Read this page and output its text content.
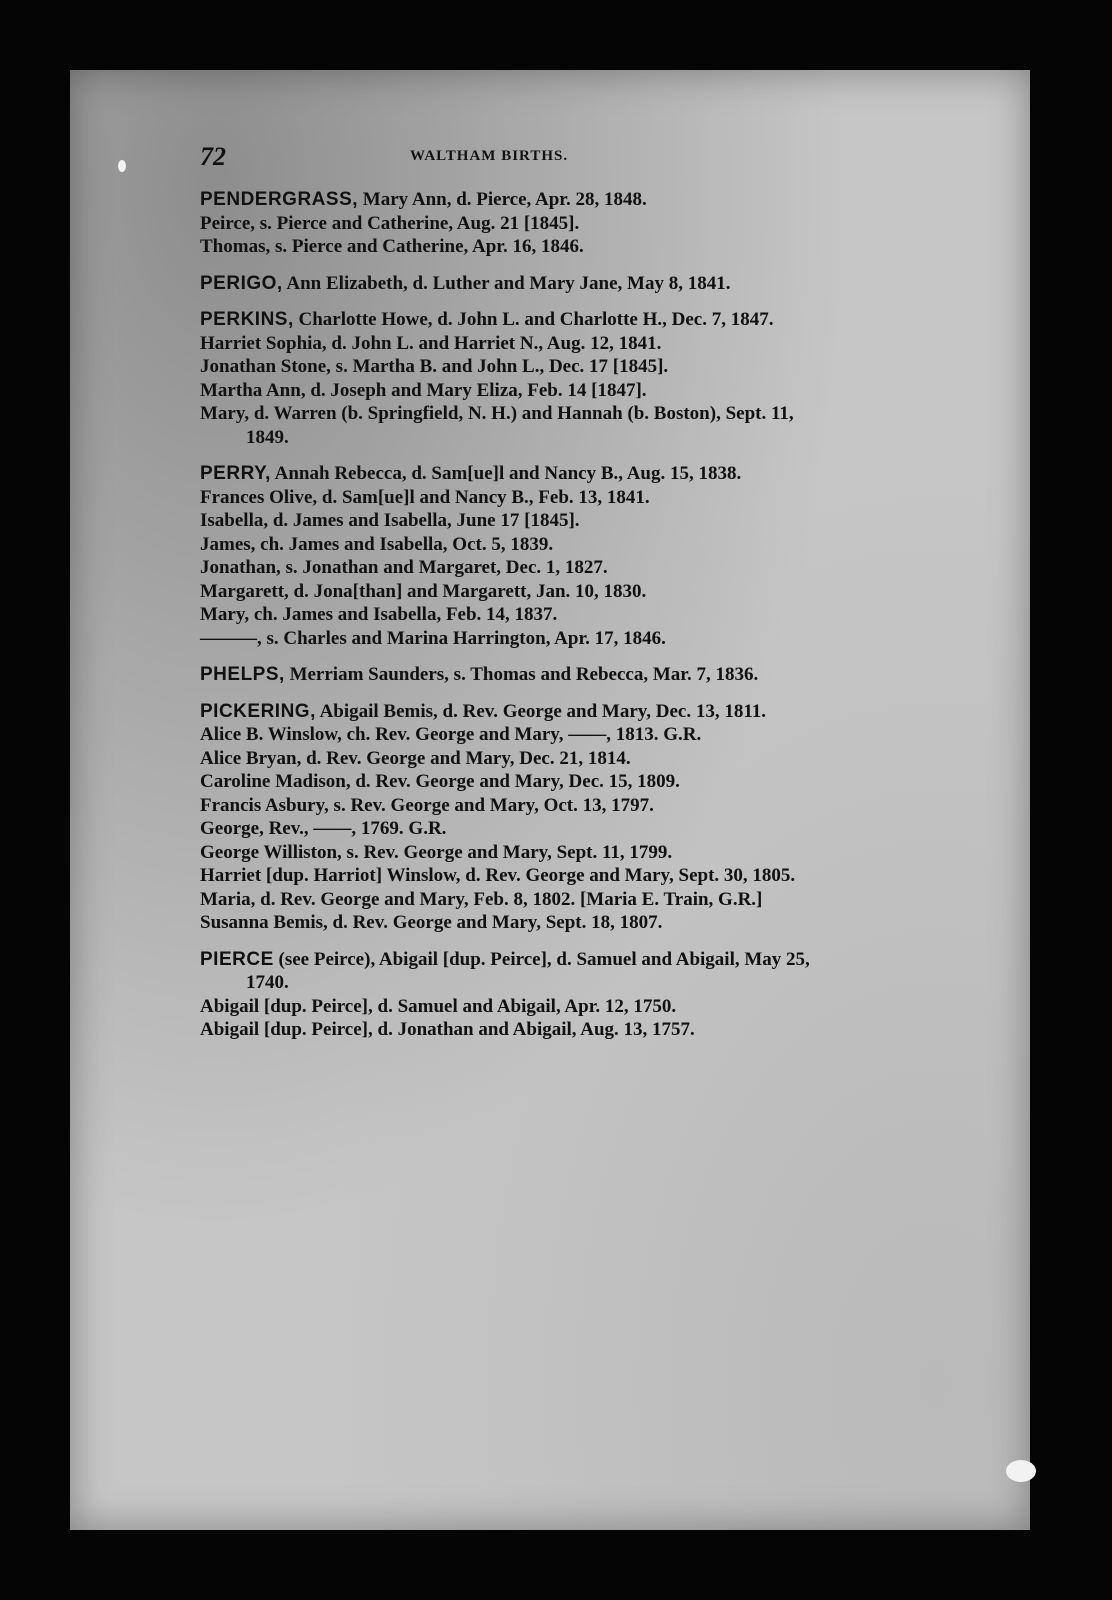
72	WALTHAM BIRTHS.
PENDERGRASS, Mary Ann, d. Pierce, Apr. 28, 1848.
Peirce, s. Pierce and Catherine, Aug. 21 [1845].
Thomas, s. Pierce and Catherine, Apr. 16, 1846.
PERIGO, Ann Elizabeth, d. Luther and Mary Jane, May 8, 1841.
PERKINS, Charlotte Howe, d. John L. and Charlotte H., Dec. 7, 1847.
Harriet Sophia, d. John L. and Harriet N., Aug. 12, 1841.
Jonathan Stone, s. Martha B. and John L., Dec. 17 [1845].
Martha Ann, d. Joseph and Mary Eliza, Feb. 14 [1847].
Mary, d. Warren (b. Springfield, N. H.) and Hannah (b. Boston), Sept. 11, 1849.
PERRY, Annah Rebecca, d. Sam[ue]l and Nancy B., Aug. 15, 1838.
Frances Olive, d. Sam[ue]l and Nancy B., Feb. 13, 1841.
Isabella, d. James and Isabella, June 17 [1845].
James, ch. James and Isabella, Oct. 5, 1839.
Jonathan, s. Jonathan and Margaret, Dec. 1, 1827.
Margarett, d. Jona[than] and Margarett, Jan. 10, 1830.
Mary, ch. James and Isabella, Feb. 14, 1837.
———, s. Charles and Marina Harrington, Apr. 17, 1846.
PHELPS, Merriam Saunders, s. Thomas and Rebecca, Mar. 7, 1836.
PICKERING, Abigail Bemis, d. Rev. George and Mary, Dec. 13, 1811.
Alice B. Winslow, ch. Rev. George and Mary, ——, 1813. G.R.
Alice Bryan, d. Rev. George and Mary, Dec. 21, 1814.
Caroline Madison, d. Rev. George and Mary, Dec. 15, 1809.
Francis Asbury, s. Rev. George and Mary, Oct. 13, 1797.
George, Rev., ——, 1769. G.R.
George Williston, s. Rev. George and Mary, Sept. 11, 1799.
Harriet [dup. Harriot] Winslow, d. Rev. George and Mary, Sept. 30, 1805.
Maria, d. Rev. George and Mary, Feb. 8, 1802. [Maria E. Train, G.R.]
Susanna Bemis, d. Rev. George and Mary, Sept. 18, 1807.
PIERCE (see Peirce), Abigail [dup. Peirce], d. Samuel and Abigail, May 25, 1740.
Abigail [dup. Peirce], d. Samuel and Abigail, Apr. 12, 1750.
Abigail [dup. Peirce], d. Jonathan and Abigail, Aug. 13, 1757.
